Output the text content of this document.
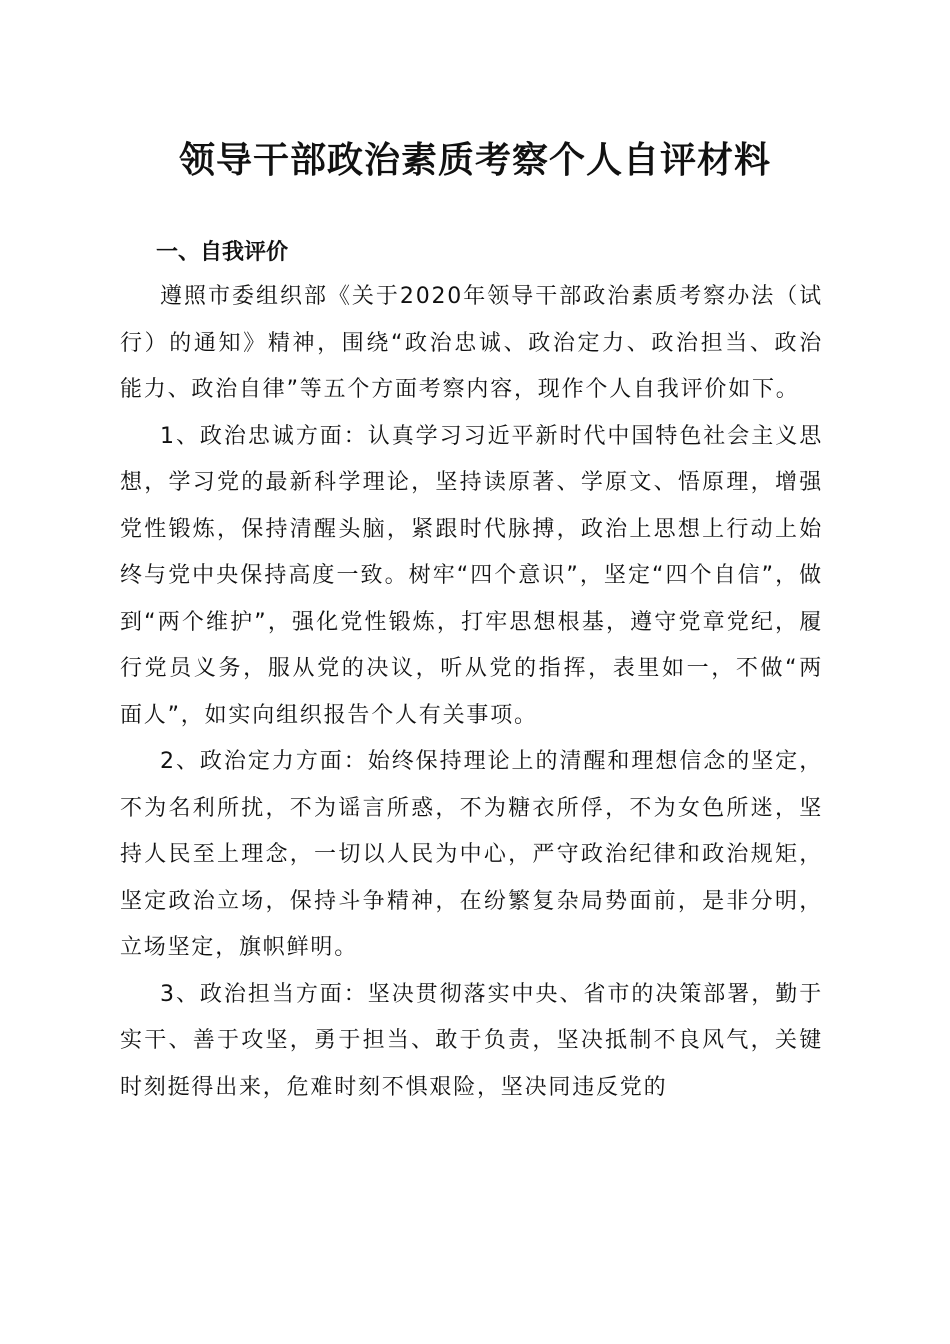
领导干部政治素质考察个人自评材料

一、自我评价

遵照市委组织部《关于2020年领导干部政治素质考察办法（试行）的通知》精神，围绕“政治忠诚、政治定力、政治担当、政治能力、政治自律”等五个方面考察内容，现作个人自我评价如下。

1、政治忠诚方面：认真学习习近平新时代中国特色社会主义思想，学习党的最新科学理论，坚持读原著、学原文、悟原理，增强党性锻炼，保持清醒头脑，紧跟时代脉搏，政治上思想上行动上始终与党中央保持高度一致。树牢“四个意识”，坚定“四个自信”，做到“两个维护”，强化党性锻炼，打牢思想根基，遵守党章党纪，履行党员义务，服从党的决议，听从党的指挥，表里如一，不做“两面人”，如实向组织报告个人有关事项。

2、政治定力方面：始终保持理论上的清醒和理想信念的坚定，不为名利所扰，不为谣言所惑，不为糖衣所俘，不为女色所迷，坚持人民至上理念，一切以人民为中心，严守政治纪律和政治规矩，坚定政治立场，保持斗争精神，在纷繁复杂局势面前，是非分明，立场坚定，旗帜鲜明。

3、政治担当方面：坚决贯彻落实中央、省市的决策部署，勤于实干、善于攻坚，勇于担当、敢于负责，坚决抵制不良风气，关键时刻挺得出来，危难时刻不惧艰险，坚决同违反党的
